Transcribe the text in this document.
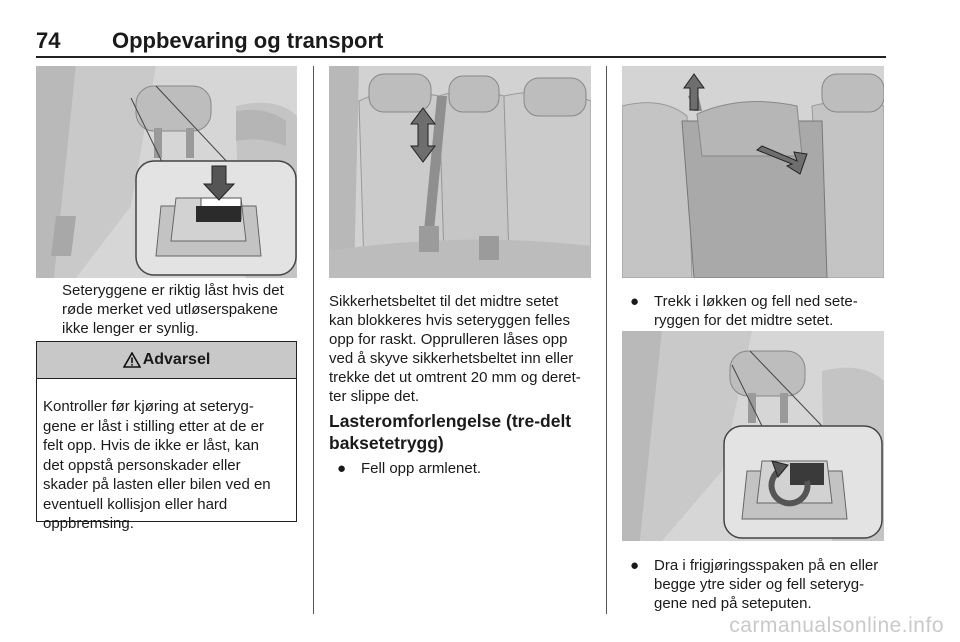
74 Oppbevaring og transport
Seteryggene er riktig låst hvis det
røde merket ved utløserspakene
ikke lenger er synlig.
Advarsel
Kontroller før kjøring at seteryg-
gene er låst i stilling etter at de er
felt opp. Hvis de ikke er låst, kan
det oppstå personskader eller
skader på lasten eller bilen ved en
eventuell kollisjon eller hard
oppbremsing.
Sikkerhetsbeltet til det midtre setet
kan blokkeres hvis seteryggen felles
opp for raskt. Opprulleren låses opp
ved å skyve sikkerhetsbeltet inn eller
trekke det ut omtrent 20 mm og deret-
ter slippe det.
Lasteromforlengelse (tre-delt
baksetetrygg)
● Fell opp armlenet.
● Trekk i løkken og fell ned sete-
ryggen for det midtre setet.
● Dra i frigjøringsspaken på en eller
begge ytre sider og fell seteryg-
gene ned på seteputen.
carmanualsonline.info
